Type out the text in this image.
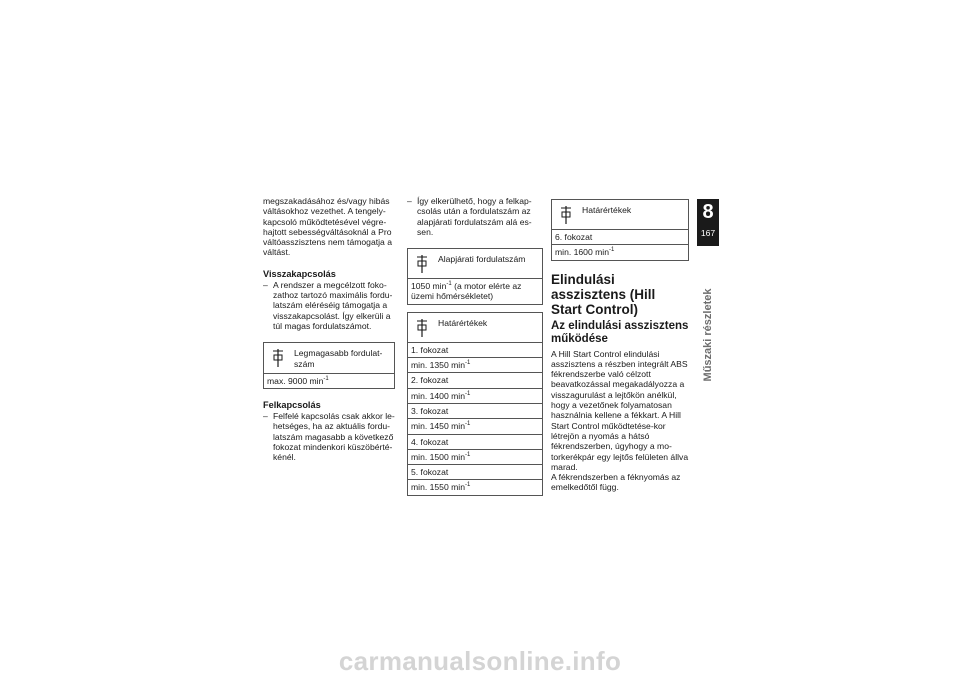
megszakadásához és/vagy hibás váltásokhoz vezethet. A tengely-kapcsoló működtetésével végre-hajtott sebességváltásoknál a Pro váltóasszisztens nem támogatja a váltást.

Visszakapcsolás
– A rendszer a megcélzott foko-zathoz tartozó maximális fordu-latszám eléréséig támogatja a visszakapcsolást. Így elkerüli a túl magas fordulatszámot.
Legmagasabb fordulat-szám
max. 9000 $\min^{-1}$
Felkapcsolás
– Felfelé kapcsolás csak akkor le-hetséges, ha az aktuális fordu-latszám magasabb a következő fokozat mindenkori küszöbérté-kénél.
– Így elkerülhető, hogy a felkap-csolás után a fordulatszám az alapjárati fordulatszám alá es-sen.
Alapjárati fordulatszám
1050 $\min^{-1} (a$ motor elérte az üzemi hőmérsékletet)
Határértékek
1. fokozat
min. 1350 $\min^{-1}$
2. fokozat
min. 1400 $\min^{-1}$
3. fokozat
min. 1450 $\min^{-1}$
4. fokozat
min. 1500 $\min^{-1}$
5. fokozat
min. 1550 $\min^{-1}$
Határértékek
6. fokozat
min. 1600 $\min^{-1}$
Elindulási asszisztens (Hill Start Control)
Az elindulási asszisztens működése

A Hill Start Control elindulási asszisztens a részben integrált ABS fékrendszerbe való célzott beavatkozással megakadályozza a visszagurulást a lejtőkön anélkül, hogy a vezetőnek folyamatosan használnia kellene a fékkart. A Hill Start Control működtetése-kor létrejön a nyomás a hátsó fékrendszerben, úgyhogy a mo-torkerékpár egy lejtős felületen állva marad.

A fékrendszerben a féknyomás az emelkedőtől függ.

8
167
Műszaki részletek
carmanualsonline.info
